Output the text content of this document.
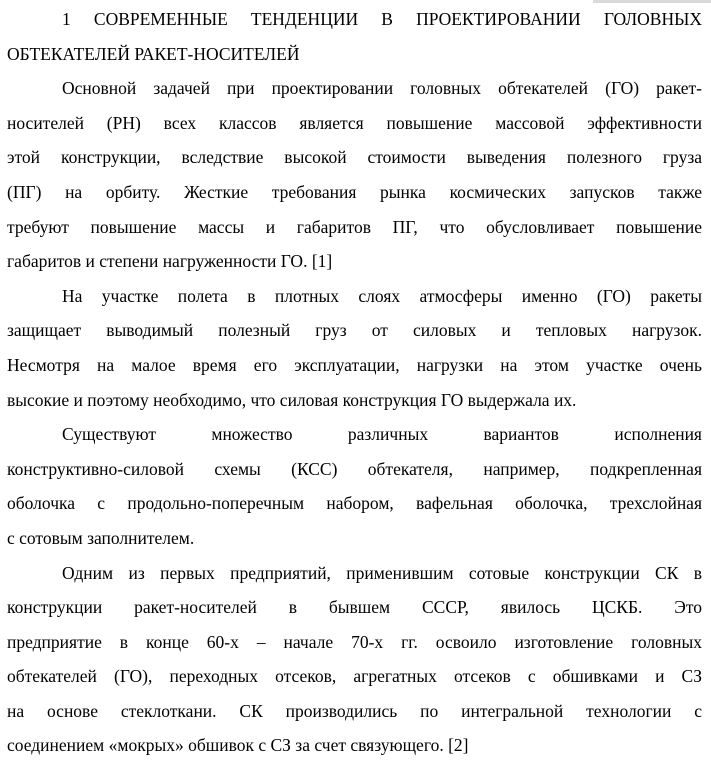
1 СОВРЕМЕННЫЕ ТЕНДЕНЦИИ В ПРОЕКТИРОВАНИИ ГОЛОВНЫХ
ОБТЕКАТЕЛЕЙ РАКЕТ-НОСИТЕЛЕЙ
Основной задачей при проектировании головных обтекателей (ГО) ракет-
носителей (РН) всех классов является повышение массовой эффективности
этой конструкции, вследствие высокой стоимости выведения полезного груза
(ПГ) на орбиту. Жесткие требования рынка космических запусков также
требуют повышение массы и габаритов ПГ, что обусловливает повышение
габаритов и степени нагруженности ГО. [1]
На участке полета в плотных слоях атмосферы именно (ГО) ракеты
защищает выводимый полезный груз от силовых и тепловых нагрузок.
Несмотря на малое время его эксплуатации, нагрузки на этом участке очень
высокие и поэтому необходимо, что силовая конструкция ГО выдержала их.
Существуют множество различных вариантов исполнения
конструктивно-силовой схемы (КСС) обтекателя, например, подкрепленная
оболочка с продольно-поперечным набором, вафельная оболочка, трехслойная
с сотовым заполнителем.
Одним из первых предприятий, применившим сотовые конструкции СК в
конструкции ракет-носителей в бывшем СССР, явилось ЦСКБ. Это
предприятие в конце 60-х – начале 70-х гг. освоило изготовление головных
обтекателей (ГО), переходных отсеков, агрегатных отсеков с обшивками и СЗ
на основе стеклоткани. СК производились по интегральной технологии с
соединением «мокрых» обшивок с СЗ за счет связующего. [2]
